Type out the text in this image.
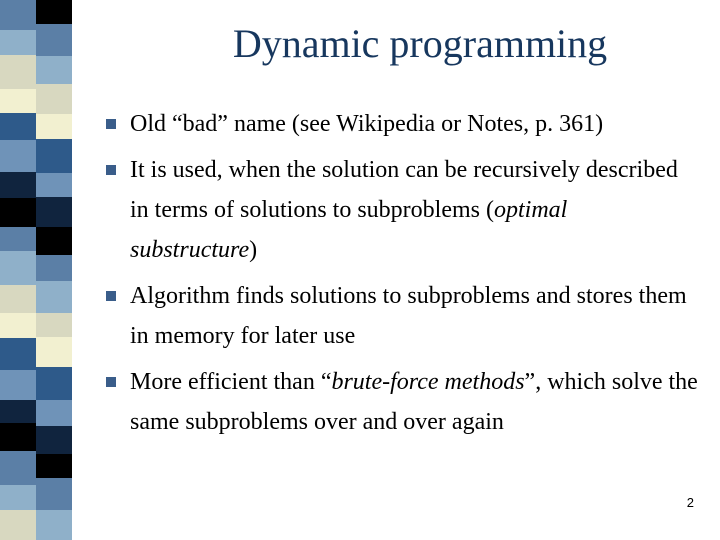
Dynamic programming
Old “bad” name (see Wikipedia or Notes, p. 361)
It is used, when the solution can be recursively described in terms of solutions to subproblems (optimal substructure)
Algorithm finds solutions to subproblems and stores them in memory for later use
More efficient than “brute-force methods”, which solve the same subproblems over and over again
2
